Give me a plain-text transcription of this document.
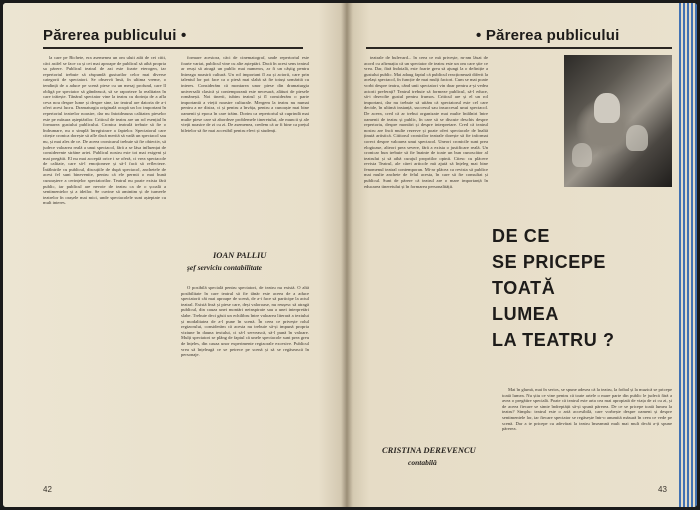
Părerea publicului •

la care pe Bichete, era asemenea un om uluit atât de cei citit, căci astfel se face ca și cei mai aproape de publicul să aibă propria sa părere. Publicul teatral de azi este foarte eterogen, iar repertoriul trebuie să răspundă gusturilor celor mai diverse categorii de spectatori. Se observă însă, în ultima vreme, o tendință de a aduce pe scenă piese cu un mesaj profund, care îl obligă pe spectator să gândească, să se raporteze la realitatea în care trăiește. Tânărul spectator vine la teatru cu dorința de a afla ceva nou despre lume și despre sine, iar teatrul are datoria de a-i oferi acest lucru. Dramaturgia originală ocupă un loc important în repertoriul teatrelor noastre, dar nu întotdeauna calitatea pieselor este pe măsura așteptărilor. Criticul de teatru are un rol esențial în formarea gustului publicului. Cronica teatrală trebuie să fie o îndrumare, nu o simplă înregistrare a faptelor. Spectatorul care citește cronica dorește să afle dacă merită să vadă un spectacol sau nu, și mai ales de ce. De aceea cronicarul trebuie să fie obiectiv, să judece valoarea reală a unui spectacol, fără a se lăsa influențat de considerente străine artei. Publicul nostru este tot mai exigent și mai pregătit. El nu mai acceptă orice i se oferă, ci vrea spectacole de calitate, care să-l emoționeze și să-l facă să reflecteze. Întâlnirile cu publicul, discuțiile de după spectacol, anchetele de acest fel sunt binevenite, pentru că ele permit o mai bună cunoaștere a cerințelor spectatorilor. Teatrul nu poate exista fără public, iar publicul are nevoie de teatru ca de o școală a sentimentelor și a ideilor. Se cuvine să amintim și de turneele teatrelor în orașele mai mici, unde spectacolele sunt așteptate cu mult interes.

formare acestora, căci de cinematograf, unde repertoriul este foarte variat, publicul vine cu alte așteptări. Dacă în acest sens teatrul ar reuși să atragă un public mai numeros, ar fi un câștig pentru întreaga noastră cultură. Un rol important îl au și actorii, care prin talentul lor pot face ca o piesă mai slabă să fie totuși urmărită cu interes. Considerăm că montarea unor piese din dramaturgia universală clasică și contemporană este necesară, alături de piesele românești. Noi tinerii, iubim teatrul și îl considerăm o parte importantă a vieții noastre culturale. Mergem la teatru nu numai pentru a ne distra, ci și pentru a învăța, pentru a cunoaște mai bine oamenii și epoca în care trăim. Dorim ca repertoriul să cuprindă mai multe piese care să abordeze problemele tineretului, ale muncii și ale vieții noastre de zi cu zi. De asemenea, credem că ar fi bine ca prețul biletelor să fie mai accesibil pentru elevi și studenți.

IOAN PALLIU
șef serviciu contabilitate

O posibilă specială pentru spectatori, de teatru nu există. O altă posibilitate în care teatrul să fie tânăr este aceea de a aduce spectatorii cât mai aproape de scenă, de a-i face să participe la actul teatral. Există însă și piese care, deși valoroase, nu reușesc să atragă publicul, din cauza unei montări neinspirate sau a unei interpretări slabe. Trebuie deci găsit un echilibru între valoarea literară a textului și modalitatea de a-l pune în scenă. În ceea ce privește rolul regizorului, considerăm că acesta nu trebuie să-și impună propria viziune în dauna textului, ci să-l servească, să-l pună în valoare. Mulți spectatori se plâng de faptul că unele spectacole sunt prea greu de înțeles, din cauza unor experimente regizorale excesive. Publicul vrea să înțeleagă ce se petrece pe scenă și să se regăsească în personaje.

42
• Părerea publicului

teatrale de bulevard... în ceea ce mă privește, m-am lăsat de acord cu afirmația că un spectator de teatru este un om care știe ce vrea. Dar, fără îndoială, este foarte greu să ajungi la o definiție a gustului public. Mai adaug faptul că publicul reacționează diferit la același spectacol, în funcție de mai mulți factori. Cum se mai poate vorbi despre teatru, când unii spectatori vin doar pentru a-și vedea actorii preferați? Teatrul trebuie să formeze publicul, să-l educe, să-i dezvolte gustul pentru frumos. Criticul are și el un rol important, dar nu trebuie să uităm că spectatorul este cel care decide, în ultimă instanță, succesul sau insuccesul unui spectacol. De aceea, cred că ar trebui organizate mai multe întâlniri între oamenii de teatru și public, în care să se discute deschis despre repertoriu, despre montări și despre interpretare. Cred că teatrul nostru are încă multe rezerve și poate oferi spectacole de înaltă ținută artistică. Cititorul cronicilor teatrale dorește să fie informat corect despre valoarea unui spectacol. Uneori cronicile sunt prea elogioase, alteori prea severe, fără a exista o justificare reală. Un cronicar bun trebuie să fie înainte de toate un bun cunoscător al teatrului și să aibă curajul propriilor opinii. Citesc cu plăcere revista Teatrul, ale cărei articole mă ajută să înțeleg mai bine fenomenul teatral contemporan. Mi-ar plăcea ca revista să publice mai multe anchete de felul acesta, în care să fie consultat și publicul. Sunt de părere că teatrul are o mare importanță în educarea tineretului și în formarea personalității.

DE CE
SE PRICEPE
TOATĂ
LUMEA
LA TEATRU ?
CRISTINA DEREVENCU
contabilă

Mai în glumă, mai în serios, se spune adesea că la teatru, la fotbal și la muzică se pricepe toată lumea. Nu știu ce vine pentru că toate artele o mare parte din public le judecă fără a avea o pregătire specială. Poate că teatrul este arta cea mai apropiată de viața de zi cu zi, și de aceea fiecare se simte îndreptățit să-și spună părerea. De ce se pricepe toată lumea la teatru? Simplu: teatrul este o artă accesibilă, care vorbește despre oameni și despre sentimentele lor, iar fiecare spectator se regăsește într-o anumită măsură în ceea ce vede pe scenă. Dar a te pricepe cu adevărat la teatru înseamnă mult mai mult decât a-ți spune părerea.

43
